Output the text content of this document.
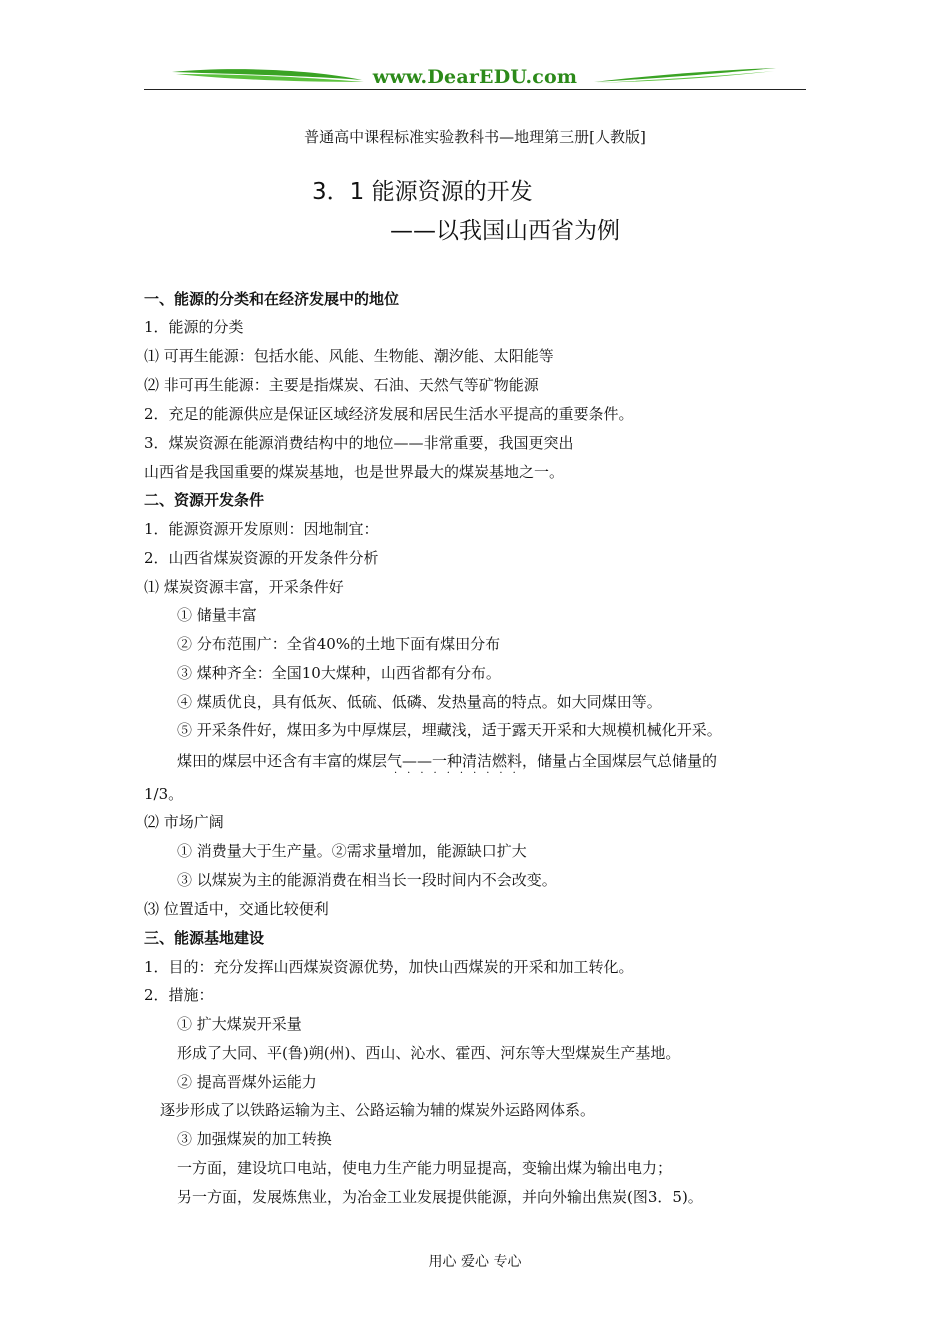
www.DearEDU.com
普通高中课程标准实验教科书—地理第三册[人教版]
3．1 能源资源的开发
——以我国山西省为例
一、能源的分类和在经济发展中的地位
1．能源的分类
⑴ 可再生能源：包括水能、风能、生物能、潮汐能、太阳能等
⑵ 非可再生能源：主要是指煤炭、石油、天然气等矿物能源
2．充足的能源供应是保证区域经济发展和居民生活水平提高的重要条件。
3．煤炭资源在能源消费结构中的地位——非常重要，我国更突出
山西省是我国重要的煤炭基地，也是世界最大的煤炭基地之一。
二、资源开发条件
1．能源资源开发原则：因地制宜：
2．山西省煤炭资源的开发条件分析
⑴ 煤炭资源丰富，开采条件好
① 储量丰富
② 分布范围广：全省40%的土地下面有煤田分布
③ 煤种齐全：全国10大煤种，山西省都有分布。
④ 煤质优良，具有低灰、低硫、低磷、发热量高的特点。如大同煤田等。
⑤ 开采条件好，煤田多为中厚煤层，埋藏浅，适于露天开采和大规模机械化开采。
煤田的煤层中还含有丰富的煤层气——一种清洁燃料，储量占全国煤层气总储量的
··········
1/3。
⑵ 市场广阔
① 消费量大于生产量。②需求量增加，能源缺口扩大
③ 以煤炭为主的能源消费在相当长一段时间内不会改变。
⑶ 位置适中，交通比较便利
三、能源基地建设
1．目的：充分发挥山西煤炭资源优势，加快山西煤炭的开采和加工转化。
2．措施：
① 扩大煤炭开采量
形成了大同、平(鲁)朔(州)、西山、沁水、霍西、河东等大型煤炭生产基地。
② 提高晋煤外运能力
逐步形成了以铁路运输为主、公路运输为辅的煤炭外运路网体系。
③ 加强煤炭的加工转换
一方面，建设坑口电站，使电力生产能力明显提高，变输出煤为输出电力；
另一方面，发展炼焦业，为冶金工业发展提供能源，并向外输出焦炭(图3．5)。
用心 爱心 专心
